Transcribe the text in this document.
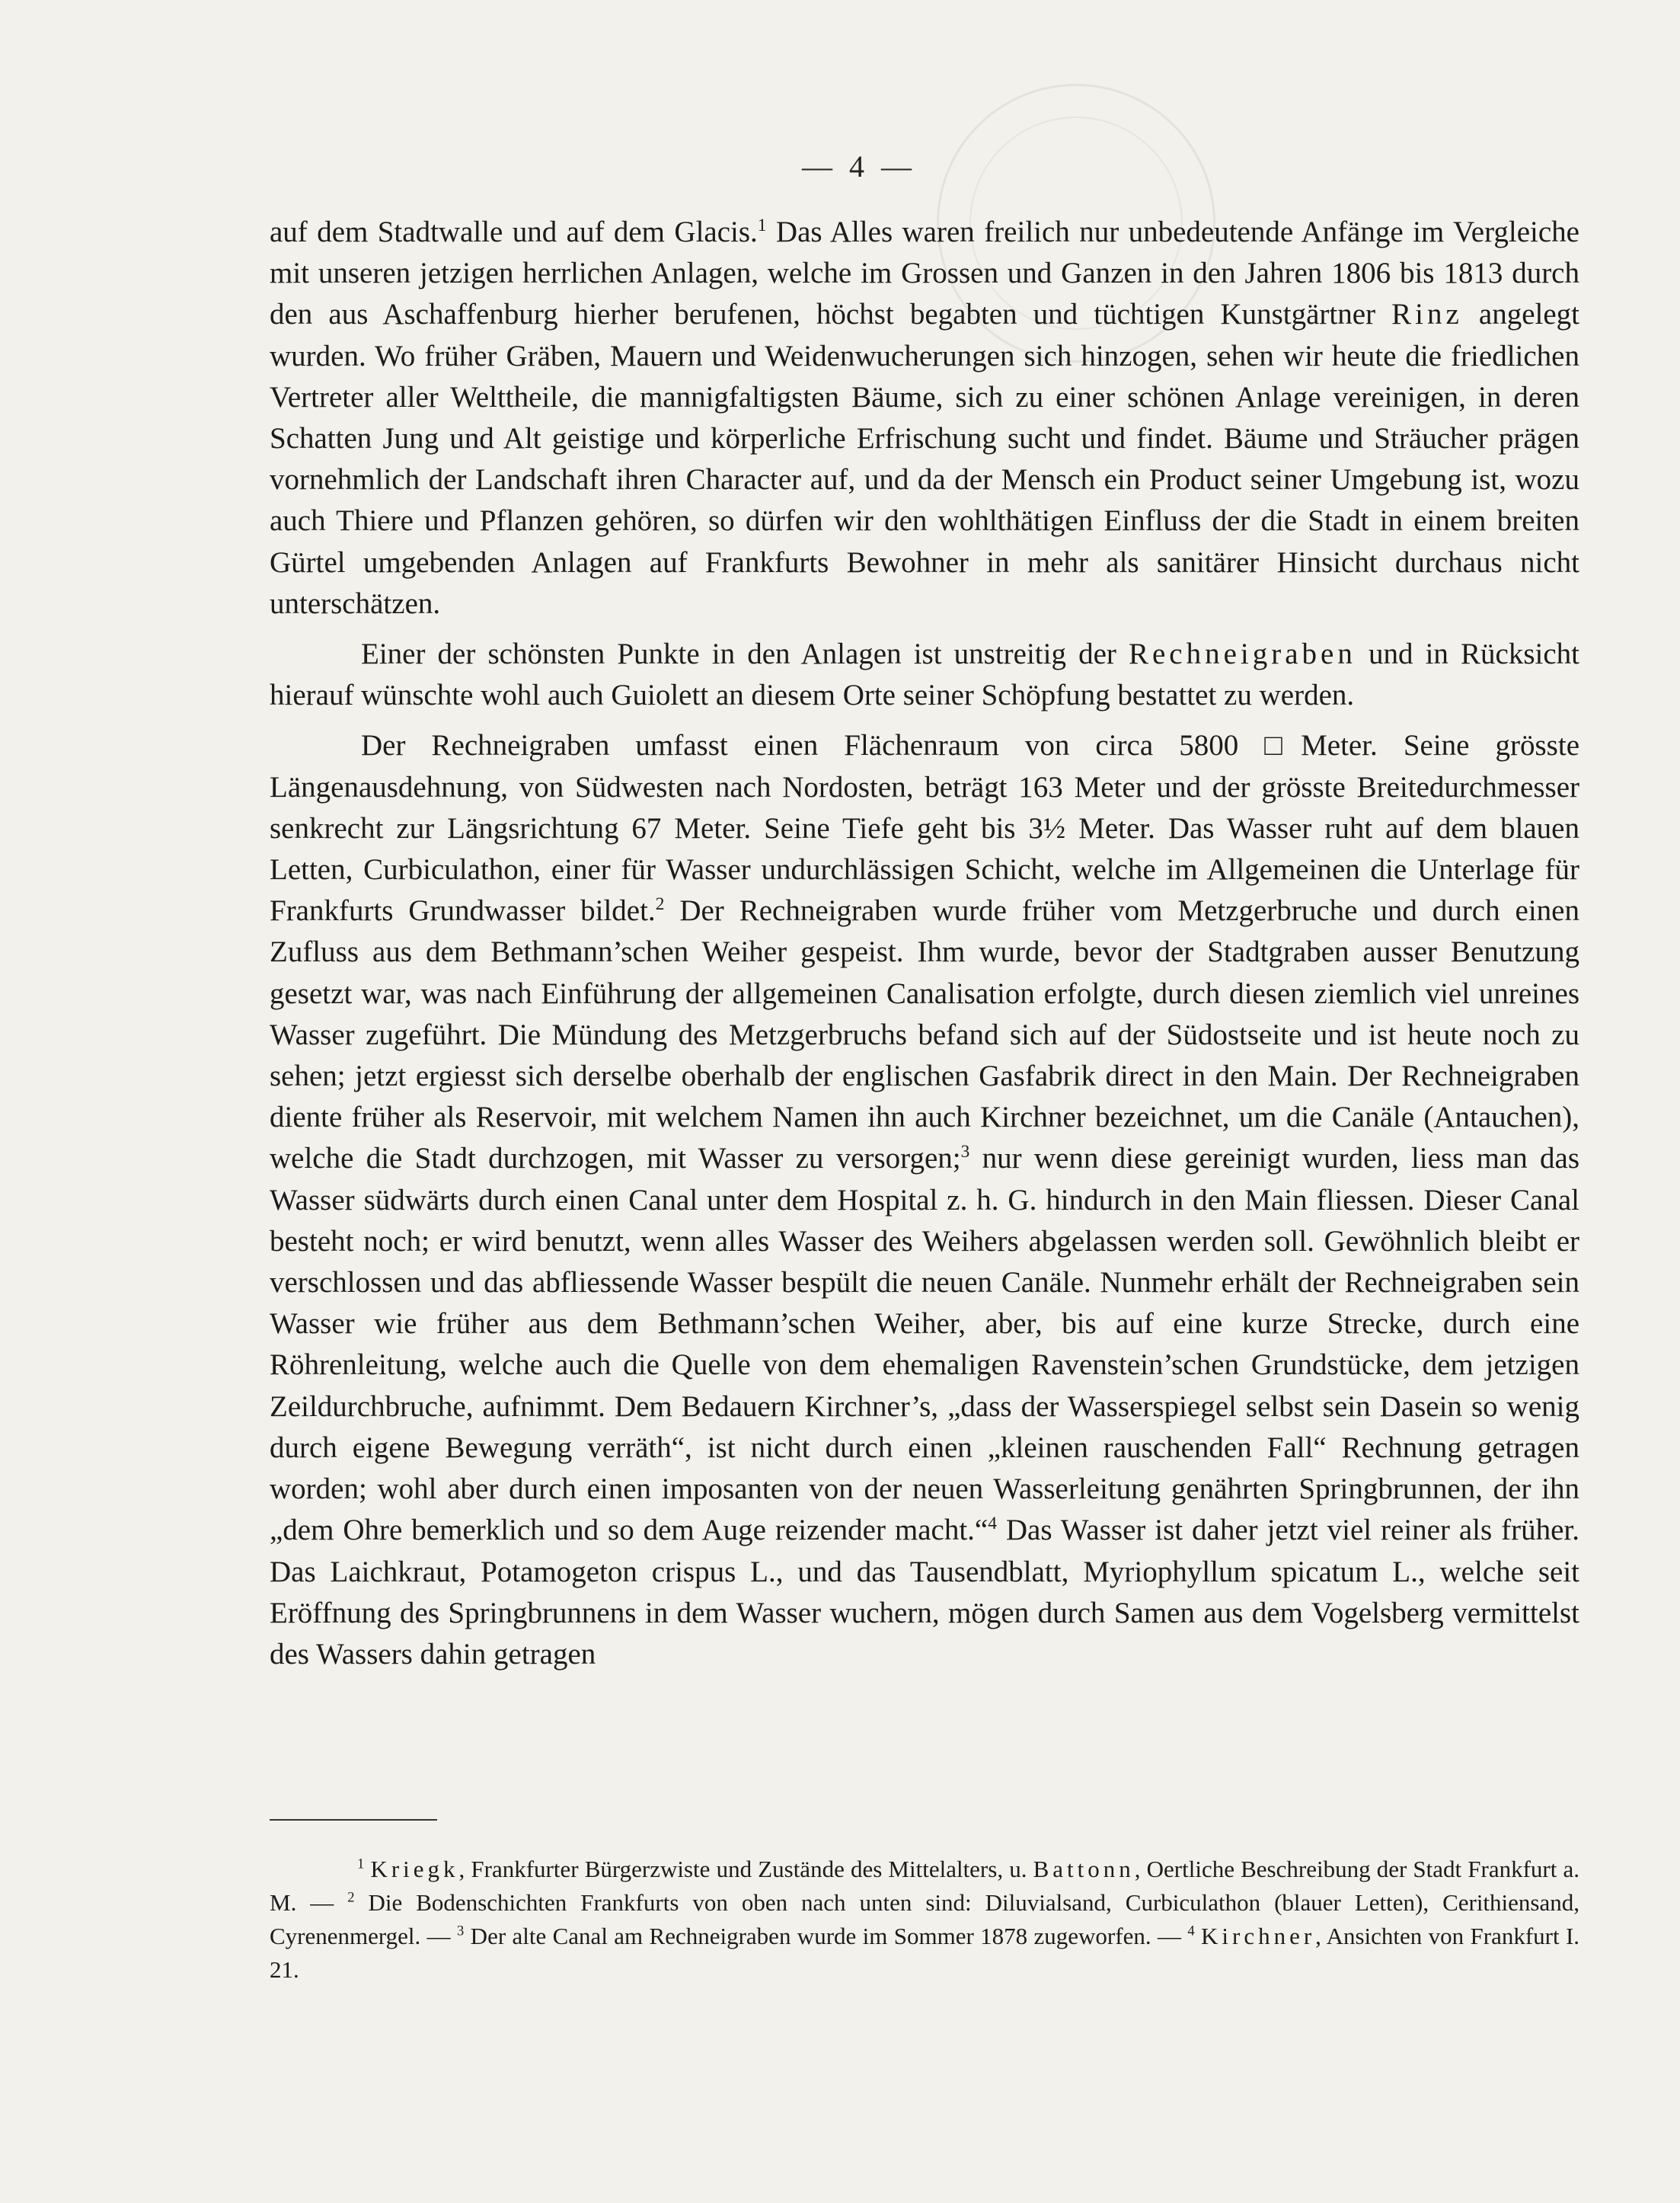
— 4 —

auf dem Stadtwalle und auf dem Glacis.$^1$ Das Alles waren freilich nur unbedeutende Anfänge im Vergleiche mit unseren jetzigen herrlichen Anlagen, welche im Grossen und Ganzen in den Jahren 1806 bis 1813 durch den aus Aschaffenburg hierher berufenen, höchst begabten und tüchtigen Kunstgärtner Rinz angelegt wurden. Wo früher Gräben, Mauern und Weidenwucherungen sich hinzogen, sehen wir heute die friedlichen Vertreter aller Welttheile, die mannigfaltigsten Bäume, sich zu einer schönen Anlage vereinigen, in deren Schatten Jung und Alt geistige und körperliche Erfrischung sucht und findet. Bäume und Sträucher prägen vornehmlich der Landschaft ihren Character auf, und da der Mensch ein Product seiner Umgebung ist, wozu auch Thiere und Pflanzen gehören, so dürfen wir den wohlthätigen Einfluss der die Stadt in einem breiten Gürtel umgebenden Anlagen auf Frankfurts Bewohner in mehr als sanitärer Hinsicht durchaus nicht unterschätzen.

Einer der schönsten Punkte in den Anlagen ist unstreitig der Rechneigraben und in Rücksicht hierauf wünschte wohl auch Guiolett an diesem Orte seiner Schöpfung bestattet zu werden.

Der Rechneigraben umfasst einen Flächenraum von circa 5800 □Meter. Seine grösste Längenausdehnung, von Südwesten nach Nordosten, beträgt 163 Meter und der grösste Breitedurchmesser senkrecht zur Längsrichtung 67 Meter. Seine Tiefe geht bis 3½ Meter. Das Wasser ruht auf dem blauen Letten, Curbiculathon, einer für Wasser undurchlässigen Schicht, welche im Allgemeinen die Unterlage für Frankfurts Grundwasser bildet.$^2$ Der Rechneigraben wurde früher vom Metzgerbruche und durch einen Zufluss aus dem Bethmann’schen Weiher gespeist. Ihm wurde, bevor der Stadtgraben ausser Benutzung gesetzt war, was nach Einführung der allgemeinen Canalisation erfolgte, durch diesen ziemlich viel unreines Wasser zugeführt. Die Mündung des Metzgerbruchs befand sich auf der Südostseite und ist heute noch zu sehen; jetzt ergiesst sich derselbe oberhalb der englischen Gasfabrik direct in den Main. Der Rechneigraben diente früher als Reservoir, mit welchem Namen ihn auch Kirchner bezeichnet, um die Canäle (Antauchen), welche die Stadt durchzogen, mit Wasser zu versorgen;$^3$ nur wenn diese gereinigt wurden, liess man das Wasser südwärts durch einen Canal unter dem Hospital z. h. G. hindurch in den Main fliessen. Dieser Canal besteht noch; er wird benutzt, wenn alles Wasser des Weihers abgelassen werden soll. Gewöhnlich bleibt er verschlossen und das abfliessende Wasser bespült die neuen Canäle. Nunmehr erhält der Rechneigraben sein Wasser wie früher aus dem Bethmann’schen Weiher, aber, bis auf eine kurze Strecke, durch eine Röhrenleitung, welche auch die Quelle von dem ehemaligen Ravenstein’schen Grundstücke, dem jetzigen Zeildurchbruche, aufnimmt. Dem Bedauern Kirchner’s, „dass der Wasserspiegel selbst sein Dasein so wenig durch eigene Bewegung verräth“, ist nicht durch einen „kleinen rauschenden Fall“ Rechnung getragen worden; wohl aber durch einen imposanten von der neuen Wasserleitung genährten Springbrunnen, der ihn „dem Ohre bemerklich und so dem Auge reizender macht.“$^4$ Das Wasser ist daher jetzt viel reiner als früher. Das Laichkraut, Potamogeton crispus L., und das Tausendblatt, Myriophyllum spicatum L., welche seit Eröffnung des Springbrunnens in dem Wasser wuchern, mögen durch Samen aus dem Vogelsberg vermittelst des Wassers dahin getragen

$^1$ Kriegk, Frankfurter Bürgerzwiste und Zustände des Mittelalters, u. Battonn, Oertliche Beschreibung der Stadt Frankfurt a. M. — $^2$ Die Bodenschichten Frankfurts von oben nach unten sind: Diluvialsand, Curbiculathon (blauer Letten), Cerithiensand, Cyrenenmergel. — $^3$ Der alte Canal am Rechneigraben wurde im Sommer 1878 zugeworfen. — $^4$ Kirchner, Ansichten von Frankfurt I. 21.
